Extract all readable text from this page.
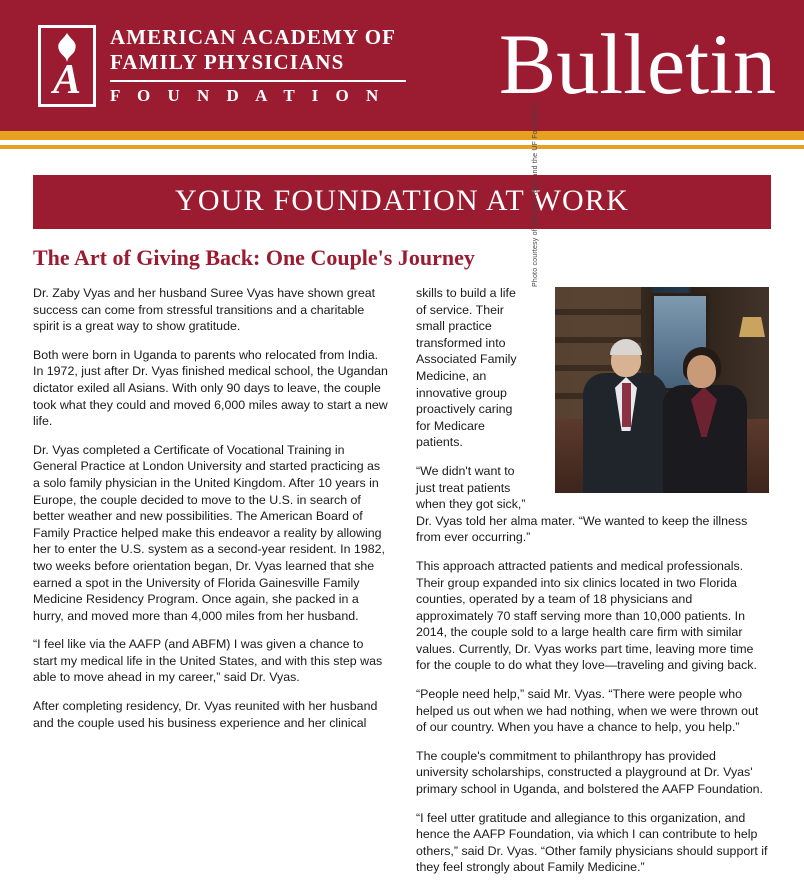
A
AMERICAN ACADEMY OF
FAMILY PHYSICIANS
F O U N D A T I O N Bulletin
YOUR FOUNDATION AT WORK
The Art of Giving Back: One Couple's Journey	Photo courtesy of Malcolm Yawn and the UF Foundation

skills to build a life of service. Their small practice transformed into Associated Family Medicine, an innovative group proactively caring for Medicare patients.

“We didn't want to just treat patients when they got sick,” Dr. Vyas told her alma mater. “We wanted to keep the illness from ever occurring.”

This approach attracted patients and medical professionals. Their group expanded into six clinics located in two Florida counties, operated by a team of 18 physicians and approximately 70 staff serving more than 10,000 patients. In 2014, the couple sold to a large health care firm with similar values. Currently, Dr. Vyas works part time, leaving more time for the couple to do what they love—traveling and giving back.

“People need help,” said Mr. Vyas. “There were people who helped us out when we had nothing, when we were thrown out of our country. When you have a chance to help, you help.”

The couple's commitment to philanthropy has provided university scholarships, constructed a playground at Dr. Vyas' primary school in Uganda, and bolstered the AAFP Foundation.

“I feel utter gratitude and allegiance to this organization, and hence the AAFP Foundation, via which I can contribute to help others,” said Dr. Vyas. “Other family physicians should support if they feel strongly about Family Medicine.”

Dr. Zaby Vyas and her husband Suree Vyas have shown great success can come from stressful transitions and a charitable spirit is a great way to show gratitude.

Both were born in Uganda to parents who relocated from India. In 1972, just after Dr. Vyas finished medical school, the Ugandan dictator exiled all Asians. With only 90 days to leave, the couple took what they could and moved 6,000 miles away to start a new life.

Dr. Vyas completed a Certificate of Vocational Training in General Practice at London University and started practicing as a solo family physician in the United Kingdom. After 10 years in Europe, the couple decided to move to the U.S. in search of better weather and new possibilities. The American Board of Family Practice helped make this endeavor a reality by allowing her to enter the U.S. system as a second-year resident. In 1982, two weeks before orientation began, Dr. Vyas learned that she earned a spot in the University of Florida Gainesville Family Medicine Residency Program. Once again, she packed in a hurry, and moved more than 4,000 miles from her husband.

“I feel like via the AAFP (and ABFM) I was given a chance to start my medical life in the United States, and with this step was able to move ahead in my career,” said Dr. Vyas.

After completing residency, Dr. Vyas reunited with her husband and the couple used his business experience and her clinical
